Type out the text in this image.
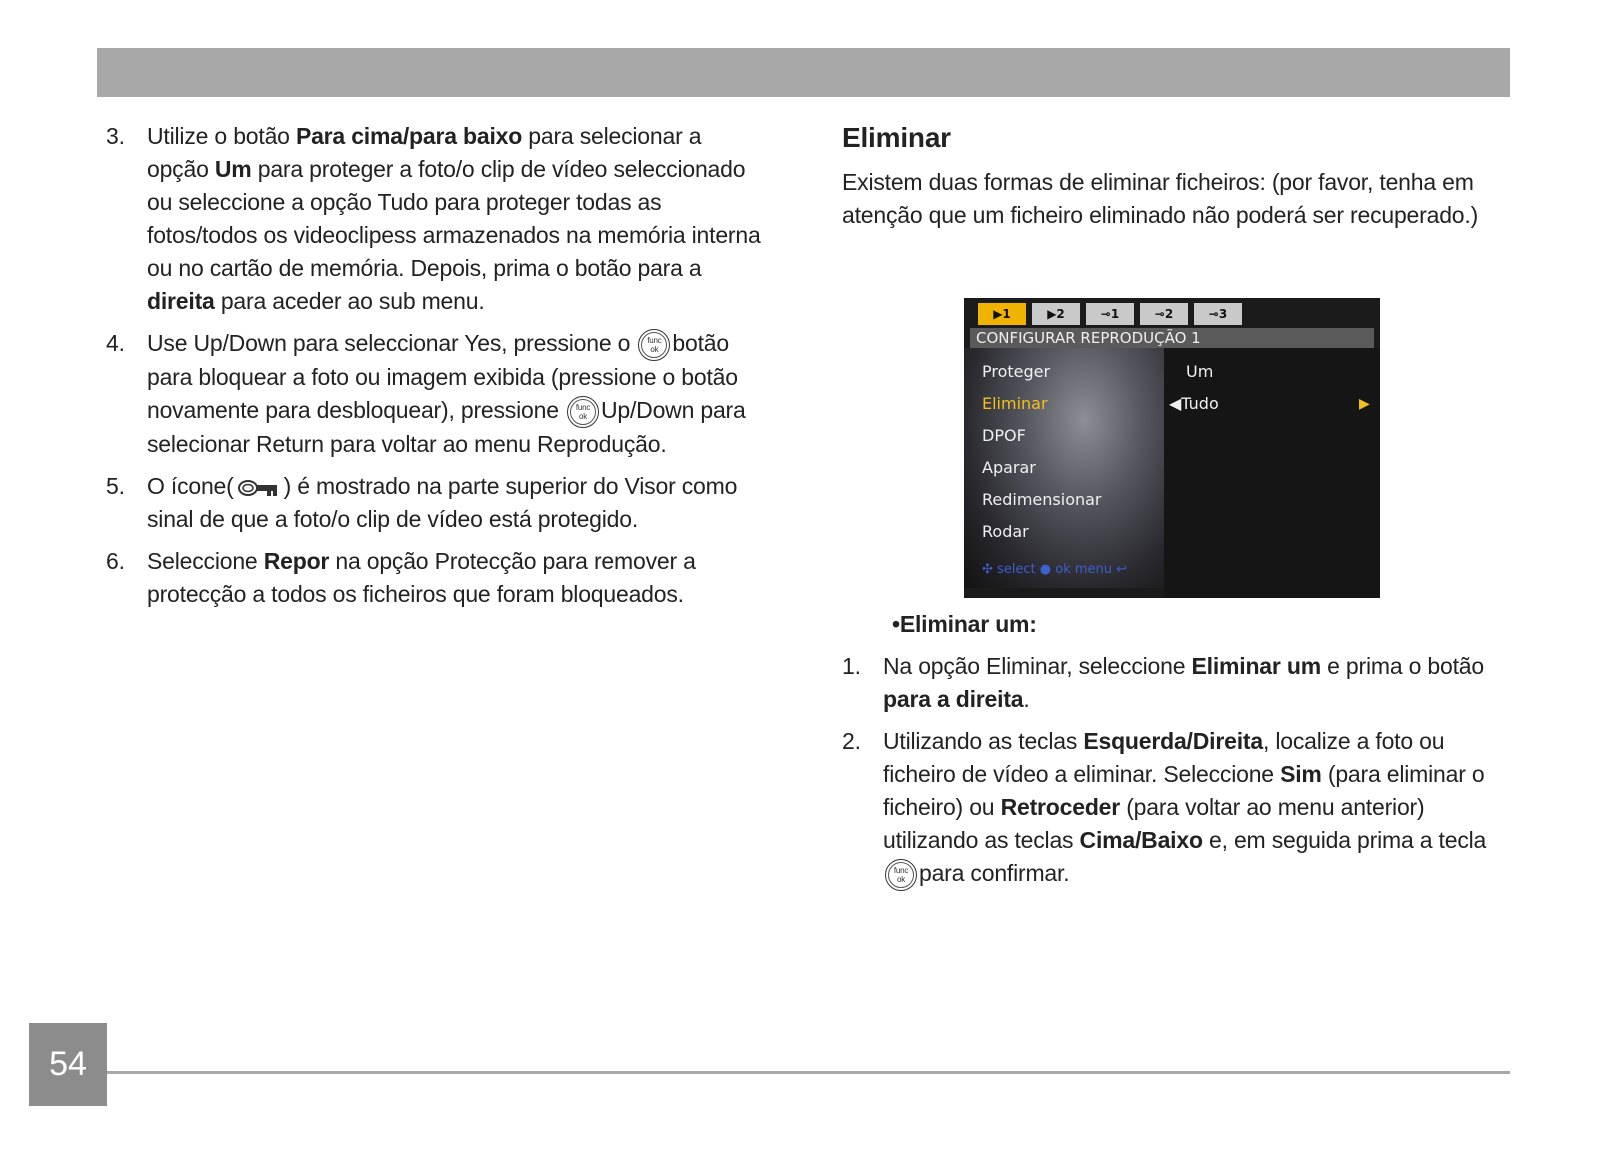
3. Utilize o botão Para cima/para baixo para selecionar a opção Um para proteger a foto/o clip de vídeo seleccionado ou seleccione a opção Tudo para proteger todas as fotos/todos os videoclipess armazenados na memória interna ou no cartão de memória. Depois, prima o botão para a direita para aceder ao sub menu.
4. Use Up/Down para seleccionar Yes, pressione o func
ok botão para bloquear a foto ou imagem exibida (pressione o botão novamente para desbloquear), pressione func
ok Up/Down para selecionar Return para voltar ao menu Reprodução.
5. O ícone( ) é mostrado na parte superior do Visor como sinal de que a foto/o clip de vídeo está protegido.
6. Seleccione Repor na opção Protecção para remover a protecção a todos os ficheiros que foram bloqueados.
Eliminar
Existem duas formas de eliminar ficheiros: (por favor, tenha em atenção que um ficheiro eliminado não poderá ser recuperado.)
•Eliminar um:
1. Na opção Eliminar, seleccione Eliminar um e prima o botão para a direita.
2. Utilizando as teclas Esquerda/Direita, localize a foto ou ficheiro de vídeo a eliminar. Seleccione Sim (para eliminar o ficheiro) ou Retroceder (para voltar ao menu anterior) utilizando as teclas Cima/Baixo e, em seguida prima a tecla func
ok para confirmar.
▶1	▶2	⊸1	⊸2	⊸3
CONFIGURAR REPRODUÇÃO 1
Proteger
Eliminar
DPOF
Aparar
Redimensionar
Rodar
Um
◀Tudo	▶
✣ select ● ok menu ↩
54
